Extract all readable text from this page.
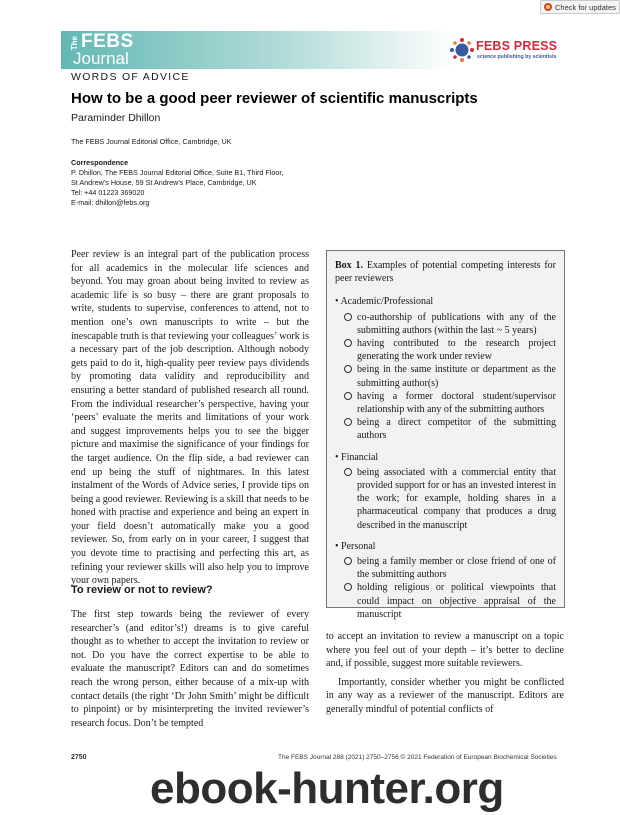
Check for updates
The FEBS
Journal
FEBS PRESS
science publishing by scientists
WORDS OF ADVICE
How to be a good peer reviewer of scientific manuscripts
Paraminder Dhillon
The FEBS Journal Editorial Office, Cambridge, UK
Correspondence
P. Dhillon, The FEBS Journal Editorial Office, Suite B1, Third Floor,
St Andrew’s House, 59 St Andrew’s Place, Cambridge, UK
Tel: +44 01223 369020
E-mail: dhillon@febs.org

Peer review is an integral part of the publication process for all academics in the molecular life sciences and beyond. You may groan about being invited to review as academic life is so busy – there are grant proposals to write, students to supervise, conferences to attend, not to mention one’s own manuscripts to write – but the inescapable truth is that reviewing your colleagues’ work is a necessary part of the job description. Although nobody gets paid to do it, high-quality peer review pays dividends by promoting data validity and reproducibility and ensuring a better standard of published research all round. From the individual researcher’s perspective, having your ‘peers’ evaluate the merits and limitations of your work and suggest improvements helps you to see the bigger picture and maximise the significance of your findings for the target audience. On the flip side, a bad reviewer can end up being the stuff of nightmares. In this latest instalment of the Words of Advice series, I provide tips on being a good reviewer. Reviewing is a skill that needs to be honed with practise and experience and being an expert in your field doesn’t automatically make you a good reviewer. So, from early on in your career, I suggest that you devote time to practising and perfecting this art, as refining your reviewer skills will also help you to improve your own papers.

To review or not to review?

The first step towards being the reviewer of every researcher’s (and editor’s!) dreams is to give careful thought as to whether to accept the invitation to review or not. Do you have the correct expertise to be able to evaluate the manuscript? Editors can and do sometimes reach the wrong person, either because of a mix-up with contact details (the right ‘Dr John Smith’ might be difficult to pinpoint) or by misinterpreting the invited reviewer’s research focus. Don’t be tempted

Box 1. Examples of potential competing interests for peer reviewers
• Academic/Professional
co-authorship of publications with any of the submitting authors (within the last ~ 5 years)
having contributed to the research project generating the work under review
being in the same institute or department as the submitting author(s)
having a former doctoral student/supervisor relationship with any of the submitting authors
being a direct competitor of the submitting authors
• Financial
being associated with a commercial entity that provided support for or has an invested interest in the work; for example, holding shares in a pharmaceutical company that produces a drug described in the manuscript
• Personal
being a family member or close friend of one of the submitting authors
holding religious or political viewpoints that could impact on objective appraisal of the manuscript

to accept an invitation to review a manuscript on a topic where you feel out of your depth – it’s better to decline and, if possible, suggest more suitable reviewers.

Importantly, consider whether you might be conflicted in any way as a reviewer of the manuscript. Editors are generally mindful of potential conflicts of

2750	The FEBS Journal 288 (2021) 2750–2756 © 2021 Federation of European Biochemical Societies
ebook-hunter.org
